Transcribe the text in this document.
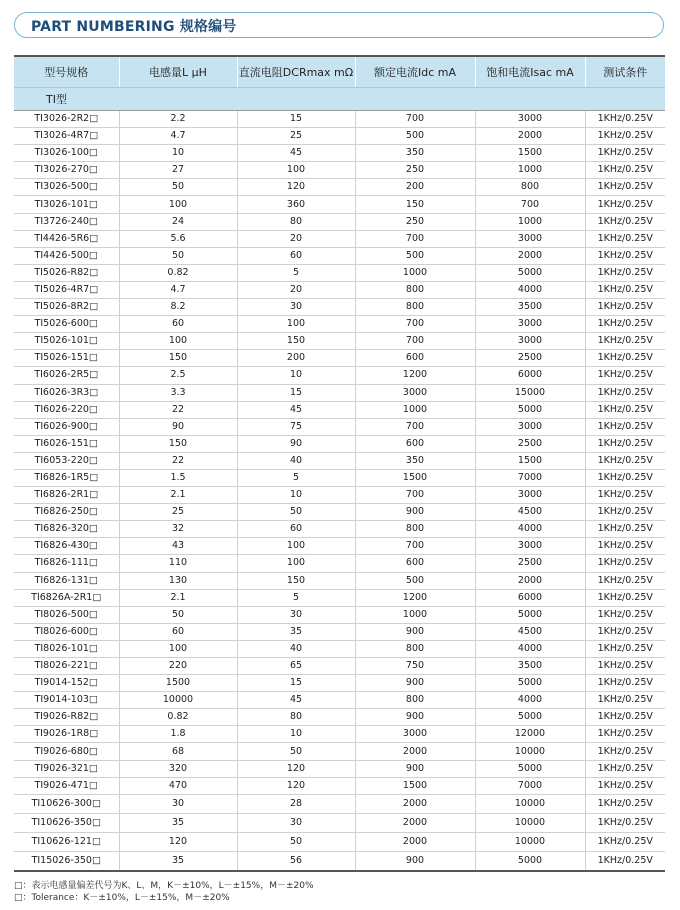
PART NUMBERING 规格编号
型号规格	电感量L μH	直流电阻DCRmax mΩ	额定电流Idc mA	饱和电流Isac mA	测试条件
TI型					
TI3026-2R2□	2.2	15	700	3000	1KHz/0.25V
TI3026-4R7□	4.7	25	500	2000	1KHz/0.25V
TI3026-100□	10	45	350	1500	1KHz/0.25V
TI3026-270□	27	100	250	1000	1KHz/0.25V
TI3026-500□	50	120	200	800	1KHz/0.25V
TI3026-101□	100	360	150	700	1KHz/0.25V
TI3726-240□	24	80	250	1000	1KHz/0.25V
TI4426-5R6□	5.6	20	700	3000	1KHz/0.25V
TI4426-500□	50	60	500	2000	1KHz/0.25V
TI5026-R82□	0.82	5	1000	5000	1KHz/0.25V
TI5026-4R7□	4.7	20	800	4000	1KHz/0.25V
TI5026-8R2□	8.2	30	800	3500	1KHz/0.25V
TI5026-600□	60	100	700	3000	1KHz/0.25V
TI5026-101□	100	150	700	3000	1KHz/0.25V
TI5026-151□	150	200	600	2500	1KHz/0.25V
TI6026-2R5□	2.5	10	1200	6000	1KHz/0.25V
TI6026-3R3□	3.3	15	3000	15000	1KHz/0.25V
TI6026-220□	22	45	1000	5000	1KHz/0.25V
TI6026-900□	90	75	700	3000	1KHz/0.25V
TI6026-151□	150	90	600	2500	1KHz/0.25V
TI6053-220□	22	40	350	1500	1KHz/0.25V
TI6826-1R5□	1.5	5	1500	7000	1KHz/0.25V
TI6826-2R1□	2.1	10	700	3000	1KHz/0.25V
TI6826-250□	25	50	900	4500	1KHz/0.25V
TI6826-320□	32	60	800	4000	1KHz/0.25V
TI6826-430□	43	100	700	3000	1KHz/0.25V
TI6826-111□	110	100	600	2500	1KHz/0.25V
TI6826-131□	130	150	500	2000	1KHz/0.25V
TI6826A-2R1□	2.1	5	1200	6000	1KHz/0.25V
TI8026-500□	50	30	1000	5000	1KHz/0.25V
TI8026-600□	60	35	900	4500	1KHz/0.25V
TI8026-101□	100	40	800	4000	1KHz/0.25V
TI8026-221□	220	65	750	3500	1KHz/0.25V
TI9014-152□	1500	15	900	5000	1KHz/0.25V
TI9014-103□	10000	45	800	4000	1KHz/0.25V
TI9026-R82□	0.82	80	900	5000	1KHz/0.25V
TI9026-1R8□	1.8	10	3000	12000	1KHz/0.25V
TI9026-680□	68	50	2000	10000	1KHz/0.25V
TI9026-321□	320	120	900	5000	1KHz/0.25V
TI9026-471□	470	120	1500	7000	1KHz/0.25V
TI10626-300□	30	28	2000	10000	1KHz/0.25V
TI10626-350□	35	30	2000	10000	1KHz/0.25V
TI10626-121□	120	50	2000	10000	1KHz/0.25V
TI15026-350□	35	56	900	5000	1KHz/0.25V
□：表示电感量偏差代号为K、L、M，K－±10%，L－±15%，M－±20%
□：Tolerance：K－±10%，L－±15%，M－±20%
